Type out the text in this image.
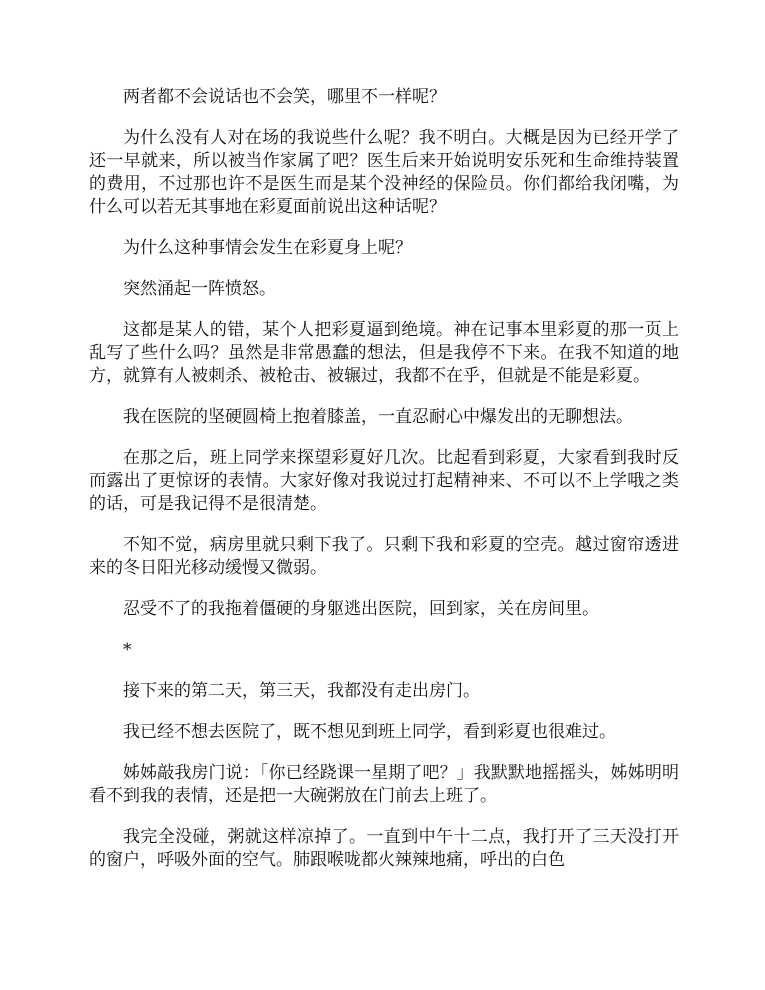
两者都不会说话也不会笑，哪里不一样呢？

为什么没有人对在场的我说些什么呢？我不明白。大概是因为已经开学了还一早就来，所以被当作家属了吧？医生后来开始说明安乐死和生命维持装置的费用，不过那也许不是医生而是某个没神经的保险员。你们都给我闭嘴，为什么可以若无其事地在彩夏面前说出这种话呢？

为什么这种事情会发生在彩夏身上呢？

突然涌起一阵愤怒。

这都是某人的错，某个人把彩夏逼到绝境。神在记事本里彩夏的那一页上乱写了些什么吗？虽然是非常愚蠢的想法，但是我停不下来。在我不知道的地方，就算有人被刺杀、被枪击、被辗过，我都不在乎，但就是不能是彩夏。

我在医院的坚硬圆椅上抱着膝盖，一直忍耐心中爆发出的无聊想法。

在那之后，班上同学来探望彩夏好几次。比起看到彩夏，大家看到我时反而露出了更惊讶的表情。大家好像对我说过打起精神来、不可以不上学哦之类的话，可是我记得不是很清楚。

不知不觉，病房里就只剩下我了。只剩下我和彩夏的空壳。越过窗帘透进来的冬日阳光移动缓慢又微弱。

忍受不了的我拖着僵硬的身躯逃出医院，回到家，关在房间里。

*

接下来的第二天，第三天，我都没有走出房门。

我已经不想去医院了，既不想见到班上同学，看到彩夏也很难过。

姊姊敲我房门说：「你已经跷课一星期了吧？」我默默地摇摇头，姊姊明明看不到我的表情，还是把一大碗粥放在门前去上班了。

我完全没碰，粥就这样凉掉了。一直到中午十二点，我打开了三天没打开的窗户，呼吸外面的空气。肺跟喉咙都火辣辣地痛，呼出的白色
